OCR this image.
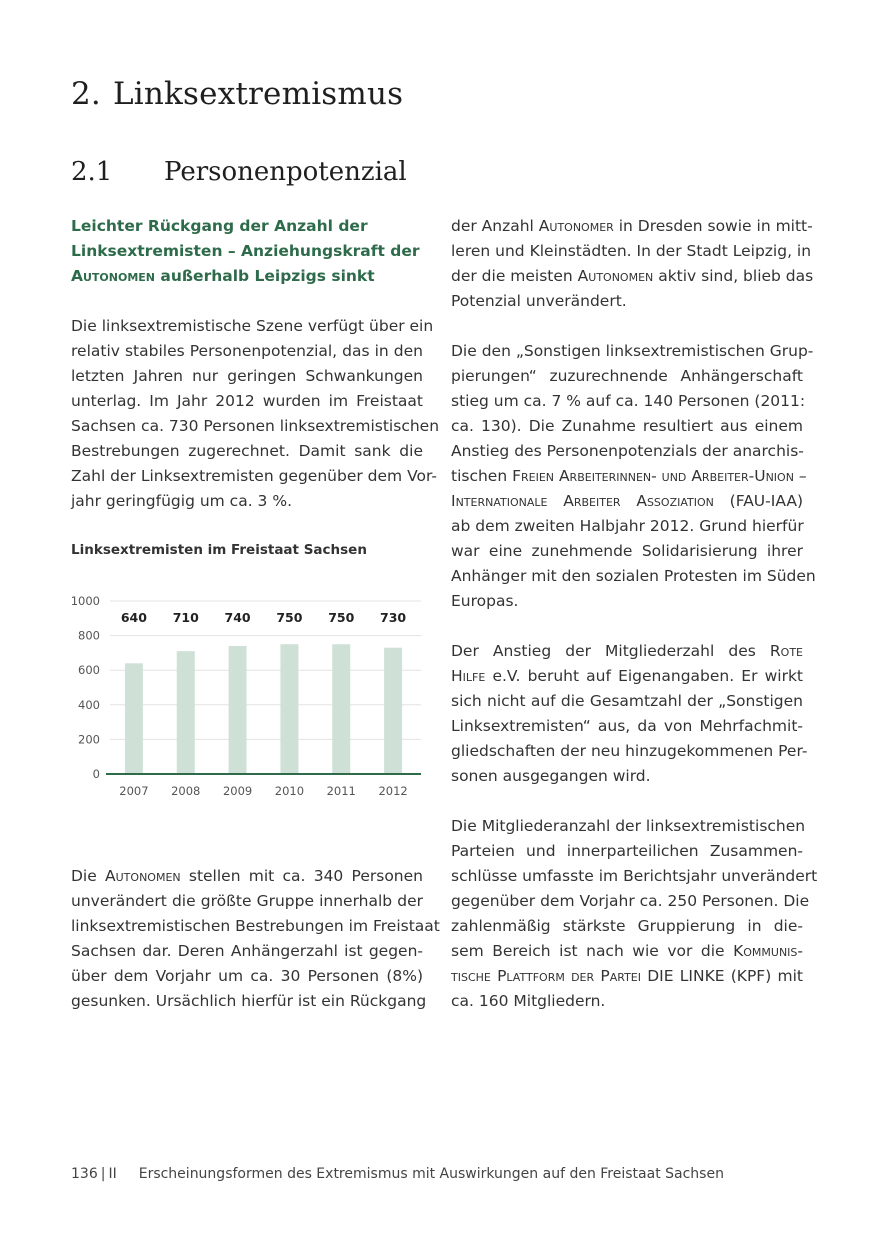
2. Linksextremismus
2.1 Personenpotenzial
Leichter Rückgang der Anzahl der
Linksextremisten – Anziehungskraft der
Autonomen außerhalb Leipzigs sinkt

Die linksextremistische Szene verfügt über ein
relativ stabiles Personenpotenzial, das in den
letzten Jahren nur geringen Schwankungen
unterlag. Im Jahr 2012 wurden im Freistaat
Sachsen ca. 730 Personen linksextremistischen
Bestrebungen zugerechnet. Damit sank die
Zahl der Linksextremisten gegenüber dem Vor-
jahr geringfügig um ca. 3 %.

Linksextremisten im Freistaat Sachsen
0
200
400
600
800
1000
640
2007
710
2008
740
2009
750
2010
750
2011
730
2012
Die Autonomen stellen mit ca. 340 Personen
unverändert die größte Gruppe innerhalb der
linksextremistischen Bestrebungen im Freistaat
Sachsen dar. Deren Anhängerzahl ist gegen-
über dem Vorjahr um ca. 30 Personen (8%)
gesunken. Ursächlich hierfür ist ein Rückgang

der Anzahl Autonomer in Dresden sowie in mitt-
leren und Kleinstädten. In der Stadt Leipzig, in
der die meisten Autonomen aktiv sind, blieb das
Potenzial unverändert.

Die den „Sonstigen linksextremistischen Grup-
pierungen“ zuzurechnende Anhängerschaft
stieg um ca. 7 % auf ca. 140 Personen (2011:
ca. 130). Die Zunahme resultiert aus einem
Anstieg des Personenpotenzials der anarchis-
tischen Freien Arbeiterinnen- und Arbeiter-Union –
Internationale Arbeiter Assoziation (FAU-IAA)
ab dem zweiten Halbjahr 2012. Grund hierfür
war eine zunehmende Solidarisierung ihrer
Anhänger mit den sozialen Protesten im Süden
Europas.

Der Anstieg der Mitgliederzahl des Rote
Hilfe e.V. beruht auf Eigenangaben. Er wirkt
sich nicht auf die Gesamtzahl der „Sonstigen
Linksextremisten“ aus, da von Mehrfachmit-
gliedschaften der neu hinzugekommenen Per-
sonen ausgegangen wird.

Die Mitgliederanzahl der linksextremistischen
Parteien und innerparteilichen Zusammen-
schlüsse umfasste im Berichtsjahr unverändert
gegenüber dem Vorjahr ca. 250 Personen. Die
zahlenmäßig stärkste Gruppierung in die-
sem Bereich ist nach wie vor die Kommunis-
tische Plattform der Partei DIE LINKE (KPF) mit
ca. 160 Mitgliedern.

136 | II Erscheinungsformen des Extremismus mit Auswirkungen auf den Freistaat Sachsen
